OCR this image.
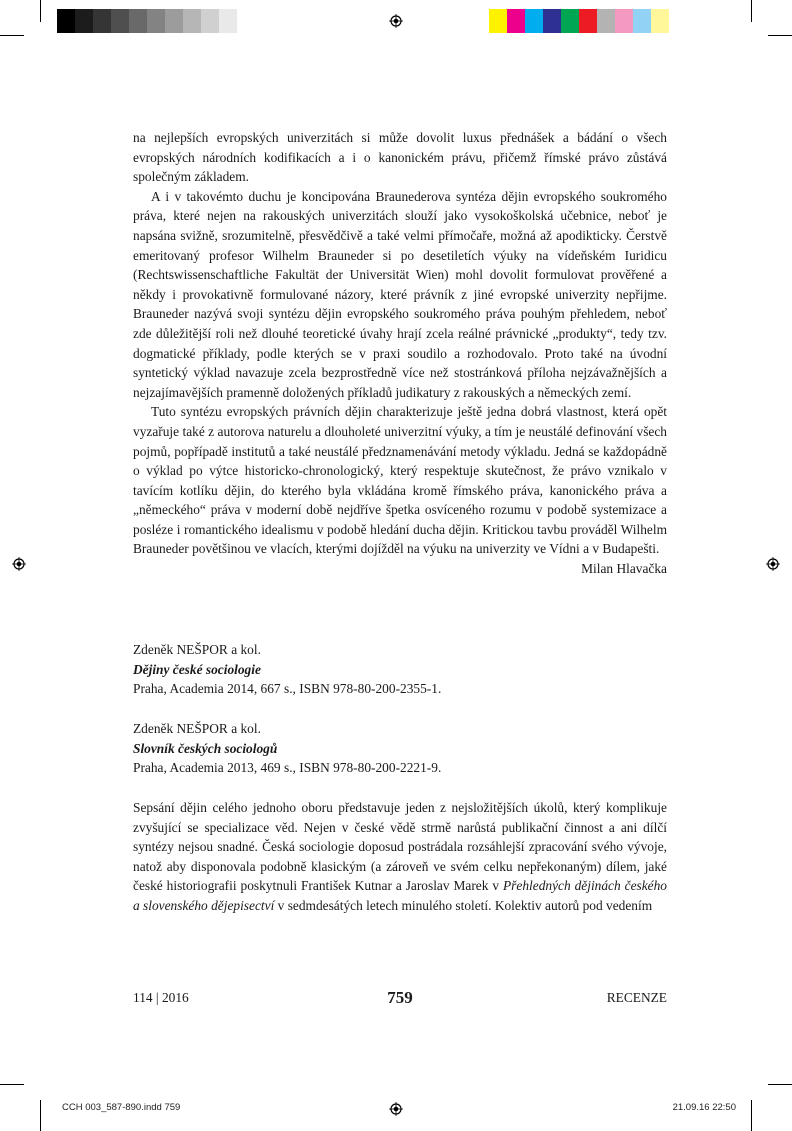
na nejlepších evropských univerzitách si může dovolit luxus přednášek a bádání o všech evropských národních kodifikacích a i o kanonickém právu, přičemž římské právo zůstává společným základem.

A i v takovémto duchu je koncipována Braunederova syntéza dějin evropského soukromého práva, které nejen na rakouských univerzitách slouží jako vysokoškolská učebnice, neboť je napsána svižně, srozumitelně, přesvědčivě a také velmi přímočaře, možná až apodikticky. Čerstvě emeritovaný profesor Wilhelm Brauneder si po desetiletích výuky na vídeňském Iuridicu (Rechtswissenschaftliche Fakultät der Universität Wien) mohl dovolit formulovat prověřené a někdy i provokativně formulované názory, které právník z jiné evropské univerzity nepřijme. Brauneder nazývá svoji syntézu dějin evropského soukromého práva pouhým přehledem, neboť zde důležitější roli než dlouhé teoretické úvahy hrají zcela reálné právnické „produkty“, tedy tzv. dogmatické příklady, podle kterých se v praxi soudilo a rozhodovalo. Proto také na úvodní syntetický výklad navazuje zcela bezprostředně více než stostránková příloha nejzávažnějších a nejzajímavějších pramenně doložených příkladů judikatury z rakouských a německých zemí.

Tuto syntézu evropských právních dějin charakterizuje ještě jedna dobrá vlastnost, která opět vyzařuje také z autorova naturelu a dlouholeté univerzitní výuky, a tím je neustálé definování všech pojmů, popřípadě institutů a také neustálé předznamenávání metody výkladu. Jedná se každopádně o výklad po výtce historicko-chronologický, který respektuje skutečnost, že právo vznikalo v tavícím kotlíku dějin, do kterého byla vkládána kromě římského práva, kanonického práva a „německého“ práva v moderní době nejdříve špetka osvíceného rozumu v podobě systemizace a posléze i romantického idealismu v podobě hledání ducha dějin. Kritickou tavbu prováděl Wilhelm Brauneder povětšinou ve vlacích, kterými dojížděl na výuku na univerzity ve Vídni a v Budapešti.

Milan Hlavačka
Zdeněk NEŠPOR a kol.
Dějiny české sociologie
Praha, Academia 2014, 667 s., ISBN 978-80-200-2355-1.
Zdeněk NEŠPOR a kol.
Slovník českých sociologů
Praha, Academia 2013, 469 s., ISBN 978-80-200-2221-9.

Sepsání dějin celého jednoho oboru představuje jeden z nejsložitějších úkolů, který komplikuje zvyšující se specializace věd. Nejen v české vědě strmě narůstá publikační činnost a ani dílčí syntézy nejsou snadné. Česká sociologie doposud postrádala rozsáhlejší zpracování svého vývoje, natož aby disponovala podobně klasickým (a zároveň ve svém celku nepřekonaným) dílem, jaké české historiografii poskytnuli František Kutnar a Jaroslav Marek v Přehledných dějinách českého a slovenského dějepisectví v sedmdesátých letech minulého století. Kolektiv autorů pod vedením

114 | 2016	759	RECENZE
CCH 003_587-890.indd 759	21.09.16 22:50
